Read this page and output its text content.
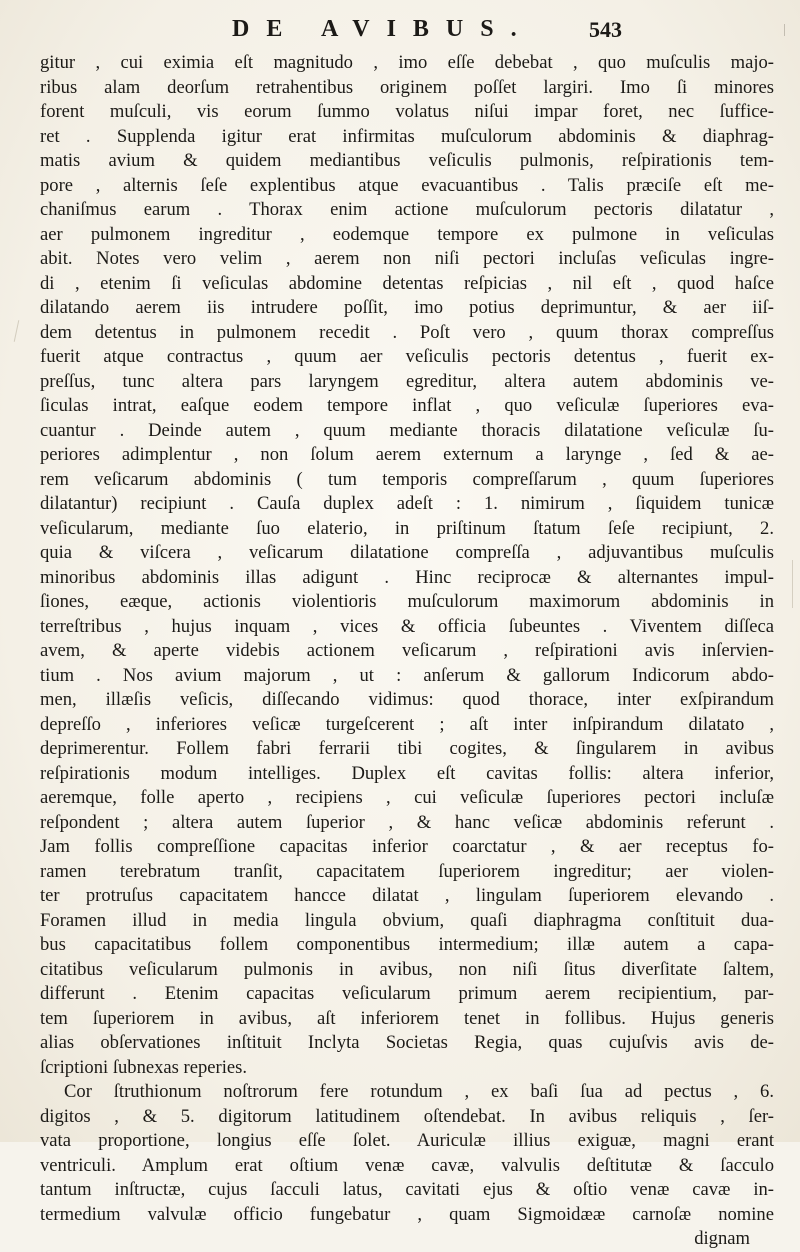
DE AVIBUS.	543
gitur , cui eximia eſt magnitudo , imo eſſe debebat , quo muſculis majo-
ribus alam deorſum retrahentibus originem poſſet largiri. Imo ſi minores
forent muſculi, vis eorum ſummo volatus niſui impar foret, nec ſuffice-
ret . Supplenda igitur erat infirmitas muſculorum abdominis & diaphrag-
matis avium & quidem mediantibus veſiculis pulmonis, reſpirationis tem-
pore , alternis ſeſe explentibus atque evacuantibus . Talis præciſe eſt me-
chaniſmus earum . Thorax enim actione muſculorum pectoris dilatatur ,
aer pulmonem ingreditur , eodemque tempore ex pulmone in veſiculas
abit. Notes vero velim , aerem non niſi pectori incluſas veſiculas ingre-
di , etenim ſi veſiculas abdomine detentas reſpicias , nil eſt , quod haſce
dilatando aerem iis intrudere poſſit, imo potius deprimuntur, & aer iiſ-
dem detentus in pulmonem recedit . Poſt vero , quum thorax compreſſus
fuerit atque contractus , quum aer veſiculis pectoris detentus , fuerit ex-
preſſus, tunc altera pars laryngem egreditur, altera autem abdominis ve-
ſiculas intrat, eaſque eodem tempore inflat , quo veſiculæ ſuperiores eva-
cuantur . Deinde autem , quum mediante thoracis dilatatione veſiculæ ſu-
periores adimplentur , non ſolum aerem externum a larynge , ſed & ae-
rem veſicarum abdominis ( tum temporis compreſſarum , quum ſuperiores
dilatantur) recipiunt . Cauſa duplex adeſt : 1. nimirum , ſiquidem tunicæ
veſicularum, mediante ſuo elaterio, in priſtinum ſtatum ſeſe recipiunt, 2.
quia & viſcera , veſicarum dilatatione compreſſa , adjuvantibus muſculis
minoribus abdominis illas adigunt . Hinc reciprocæ & alternantes impul-
ſiones, eæque, actionis violentioris muſculorum maximorum abdominis in
terreſtribus , hujus inquam , vices & officia ſubeuntes . Viventem diſſeca
avem, & aperte videbis actionem veſicarum , reſpirationi avis inſervien-
tium . Nos avium majorum , ut : anſerum & gallorum Indicorum abdo-
men, illæſis veſicis, diſſecando vidimus: quod thorace, inter exſpirandum
depreſſo , inferiores veſicæ turgeſcerent ; aſt inter inſpirandum dilatato ,
deprimerentur. Follem fabri ferrarii tibi cogites, & ſingularem in avibus
reſpirationis modum intelliges. Duplex eſt cavitas follis: altera inferior,
aeremque, folle aperto , recipiens , cui veſiculæ ſuperiores pectori incluſæ
reſpondent ; altera autem ſuperior , & hanc veſicæ abdominis referunt .
Jam follis compreſſione capacitas inferior coarctatur , & aer receptus fo-
ramen terebratum tranſit, capacitatem ſuperiorem ingreditur; aer violen-
ter protruſus capacitatem hancce dilatat , lingulam ſuperiorem elevando .
Foramen illud in media lingula obvium, quaſi diaphragma conſtituit dua-
bus capacitatibus follem componentibus intermedium; illæ autem a capa-
citatibus veſicularum pulmonis in avibus, non niſi ſitus diverſitate ſaltem,
differunt . Etenim capacitas veſicularum primum aerem recipientium, par-
tem ſuperiorem in avibus, aſt inferiorem tenet in follibus. Hujus generis
alias obſervationes inſtituit Inclyta Societas Regia, quas cujuſvis avis de-
ſcriptioni ſubnexas reperies.
Cor ſtruthionum noſtrorum fere rotundum , ex baſi ſua ad pectus , 6.
digitos , & 5. digitorum latitudinem oſtendebat. In avibus reliquis , ſer-
vata proportione, longius eſſe ſolet. Auriculæ illius exiguæ, magni erant
ventriculi. Amplum erat oſtium venæ cavæ, valvulis deſtitutæ & ſacculo
tantum inſtructæ, cujus ſacculi latus, cavitati ejus & oſtio venæ cavæ in-
termedium valvulæ officio fungebatur , quam Sigmoidææ carnoſæ nomine
dignam
